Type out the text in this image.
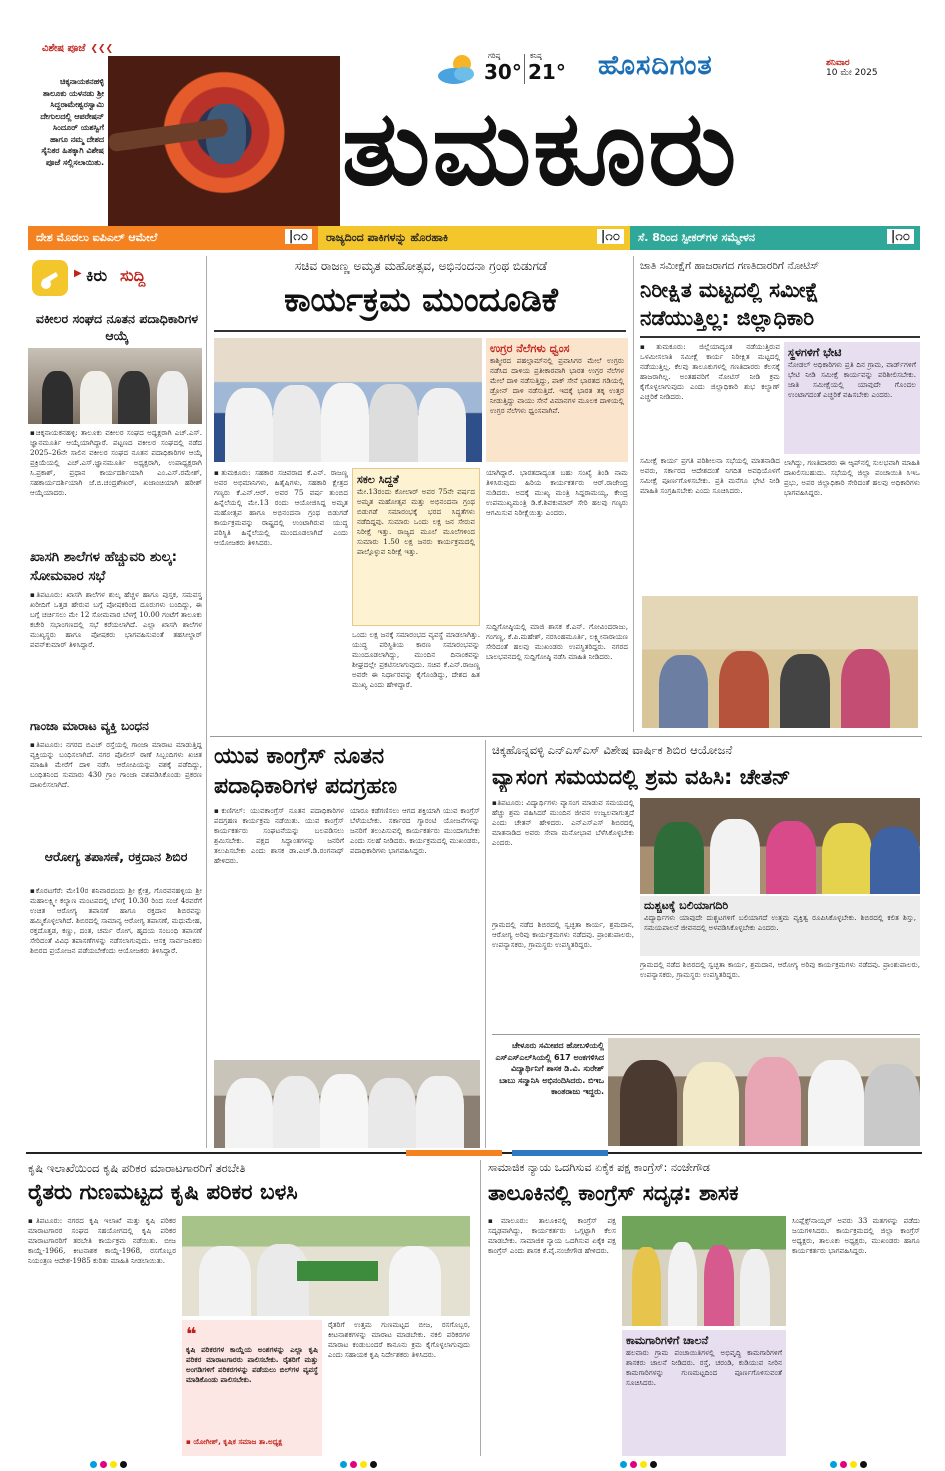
ವಿಶೇಷ ಪೂಜೆ ❮❮❮
ಚಿಕ್ಕನಾಯಕನಹಳ್ಳಿ ತಾಲೂಕು ಯಳನಡು ಶ್ರೀ ಸಿದ್ದರಾಮೇಶ್ವರಸ್ವಾಮಿ ದೇಗುಲದಲ್ಲಿ ಆಪರೇಷನ್ ಸಿಂದೂರ್ ಯಶಸ್ವಿಗೆ ಹಾಗೂ ನಮ್ಮ ದೇಶದ ಸೈನಿಕರ ಹಿತಕ್ಕಾಗಿ ವಿಶೇಷ ಪೂಜೆ ಸಲ್ಲಿಸಲಾಯಿತು.
ಗರಿಷ್ಠ
30°
ಕನಿಷ್ಠ
21° ಹೊಸದಿಗಂತ	ಶನಿವಾರ
10 ಮೇ 2025
ತುಮಕೂರು
ದೇಶ ಮೊದಲು ಐಪಿಎಲ್ ಆಮೇಲೆ	|೧೦	ರಾಜ್ಯದಿಂದ ಪಾಕಿಗಳನ್ನು ಹೊರಹಾಕಿ	|೧೦	ಸೆ. 8ರಿಂದ ಸ್ಪೀಕರ್‌ಗಳ ಸಮ್ಮೇಳನ	|೧೦
▶ ಕಿರು ಸುದ್ದಿ
ವಕೀಲರ ಸಂಘದ ನೂತನ ಪದಾಧಿಕಾರಿಗಳ ಆಯ್ಕೆ
▪ಚಿಕ್ಕನಾಯಕನಹಳ್ಳಿ: ತಾಲೂಕು ವಕೀಲರ ಸಂಘದ ಅಧ್ಯಕ್ಷರಾಗಿ ಎಚ್.ಎಸ್. ಜ್ಞಾನಮೂರ್ತಿ ಆಯ್ಕೆಯಾಗಿದ್ದಾರೆ. ಪಟ್ಟಣದ ವಕೀಲರ ಸಂಘದಲ್ಲಿ ನಡೆದ 2025–26ನೇ ಸಾಲಿನ ವಕೀಲರ ಸಂಘದ ನೂತನ ಪದಾಧಿಕಾರಿಗಳ ಆಯ್ಕೆ ಪ್ರಕ್ರಿಯೆಯಲ್ಲಿ ಎಚ್.ಎಸ್.ಜ್ಞಾನಮೂರ್ತಿ ಅಧ್ಯಕ್ಷರಾಗಿ, ಉಪಾಧ್ಯಕ್ಷರಾಗಿ ಸಿ.ಪ್ರಕಾಶ್, ಪ್ರಧಾನ ಕಾರ್ಯದರ್ಶಿಯಾಗಿ ಎಂ.ಎಸ್.ರಮೇಶ್, ಸಹಕಾರ್ಯದರ್ಶಿಯಾಗಿ ಜೆ.ಬಿ.ಚಂದ್ರಶೇಖರ್, ಖಜಾಂಚಿಯಾಗಿ ಹರೀಶ್ ಆಯ್ಕೆಯಾದರು.
ಖಾಸಗಿ ಶಾಲೆಗಳ ಹೆಚ್ಚುವರಿ ಶುಲ್ಕ: ಸೋಮವಾರ ಸಭೆ
▪ತಿಪಟೂರು: ಖಾಸಗಿ ಶಾಲೆಗಳ ಶುಲ್ಕ ಹೆಚ್ಚಳ ಹಾಗೂ ಪುಸ್ತಕ, ಸಮವಸ್ತ್ರ ಖರೀದಿಗೆ ಒತ್ತಡ ಹೇರುವ ಬಗ್ಗೆ ಪೋಷಕರಿಂದ ದೂರುಗಳು ಬಂದಿದ್ದು, ಈ ಬಗ್ಗೆ ಚರ್ಚಿಸಲು ಮೇ 12 ಸೋಮವಾರ ಬೆಳಗ್ಗೆ 10.00 ಗಂಟೆಗೆ ತಾಲೂಕು ಕಚೇರಿ ಸಭಾಂಗಣದಲ್ಲಿ ಸಭೆ ಕರೆಯಲಾಗಿದೆ. ಎಲ್ಲಾ ಖಾಸಗಿ ಶಾಲೆಗಳ ಮುಖ್ಯಸ್ಥರು ಹಾಗೂ ಪೋಷಕರು ಭಾಗವಹಿಸುವಂತೆ ತಹಸೀಲ್ದಾರ್ ಪವನ್‌ಕುಮಾರ್ ತಿಳಿಸಿದ್ದಾರೆ.
ಗಾಂಜಾ ಮಾರಾಟ ವ್ಯಕ್ತಿ ಬಂಧನ
▪ತಿಪಟೂರು: ನಗರದ ಬಿಎಚ್ ರಸ್ತೆಯಲ್ಲಿ ಗಾಂಜಾ ಮಾರಾಟ ಮಾಡುತ್ತಿದ್ದ ವ್ಯಕ್ತಿಯನ್ನು ಬಂಧಿಸಲಾಗಿದೆ. ನಗರ ಪೊಲೀಸ್ ಠಾಣೆ ಸಿಬ್ಬಂದಿಗಳು ಖಚಿತ ಮಾಹಿತಿ ಮೇರೆಗೆ ದಾಳಿ ನಡೆಸಿ ಆರೋಪಿಯನ್ನು ವಶಕ್ಕೆ ಪಡೆದಿದ್ದು, ಬಂಧಿತನಿಂದ ಸುಮಾರು 430 ಗ್ರಾಂ ಗಾಂಜಾ ವಶಪಡಿಸಿಕೊಂಡು ಪ್ರಕರಣ ದಾಖಲಿಸಲಾಗಿದೆ.
ಆರೋಗ್ಯ ತಪಾಸಣೆ, ರಕ್ತದಾನ ಶಿಬಿರ
▪ಕೊರಟಗೆರೆ: ಮೇ10ರ ಶನಿವಾರದಂದು ಶ್ರೀ ಕ್ಷೇತ್ರ, ಗೊರವನಹಳ್ಳಿಯ ಶ್ರೀ ಮಹಾಲಕ್ಷ್ಮೀ ಕಲ್ಯಾಣ ಮಂಟಪದಲ್ಲಿ ಬೆಳಗ್ಗೆ 10.30 ರಿಂದ ಸಂಜೆ 4ರವರೆಗೆ ಉಚಿತ ಆರೋಗ್ಯ ತಪಾಸಣೆ ಹಾಗೂ ರಕ್ತದಾನ ಶಿಬಿರವನ್ನು ಹಮ್ಮಿಕೊಳ್ಳಲಾಗಿದೆ. ಶಿಬಿರದಲ್ಲಿ ಸಾಮಾನ್ಯ ಆರೋಗ್ಯ ತಪಾಸಣೆ, ಮಧುಮೇಹ, ರಕ್ತದೊತ್ತಡ, ಕಣ್ಣು, ದಂತ, ಚರ್ಮ ರೋಗ, ಹೃದಯ ಸಂಬಂಧಿ ತಪಾಸಣೆ ಸೇರಿದಂತೆ ವಿವಿಧ ತಪಾಸಣೆಗಳನ್ನು ನಡೆಸಲಾಗುವುದು. ಆಸಕ್ತ ಸಾರ್ವಜನಿಕರು ಶಿಬಿರದ ಪ್ರಯೋಜನ ಪಡೆಯಬೇಕೆಂದು ಆಯೋಜಕರು ತಿಳಿಸಿದ್ದಾರೆ.
ಸಚಿವ ರಾಜಣ್ಣ ಅಮೃತ ಮಹೋತ್ಸವ, ಅಭಿನಂದನಾ ಗ್ರಂಥ ಬಿಡುಗಡೆ
ಕಾರ್ಯಕ್ರಮ ಮುಂದೂಡಿಕೆ
ಉಗ್ರರ ನೆಲೆಗಳು ಧ್ವಂಸ
ಕಾಶ್ಮೀರದ ಪಹಲ್ಗಾಮ್‌ನಲ್ಲಿ ಪ್ರವಾಸಿಗರ ಮೇಲೆ ಉಗ್ರರು ನಡೆಸಿದ ದಾಳಿಯ ಪ್ರತೀಕಾರವಾಗಿ ಭಾರತ ಉಗ್ರರ ನೆಲೆಗಳ ಮೇಲೆ ದಾಳಿ ನಡೆಸುತ್ತಿದ್ದು, ಪಾಕ್ ಸೇನೆ ಭಾರತದ ಗಡಿಯಲ್ಲಿ ಡ್ರೋನ್ ದಾಳಿ ನಡೆಸುತ್ತಿದೆ. ಇದಕ್ಕೆ ಭಾರತ ತಕ್ಕ ಉತ್ತರ ನೀಡುತ್ತಿದ್ದು ವಾಯು ಸೇನೆ ವಿಮಾನಗಳ ಮೂಲಕ ದಾಳಿಯಲ್ಲಿ ಉಗ್ರರ ನೆಲೆಗಳು ಧ್ವಂಸವಾಗಿವೆ.
▪ತುಮಕೂರು: ಸಹಕಾರ ಸಚಿವರಾದ ಕೆ.ಎನ್. ರಾಜಣ್ಣ ಅವರ ಅಭಿಮಾನಿಗಳು, ಹಿತೈಷಿಗಳು, ಸಹಕಾರಿ ಕ್ಷೇತ್ರದ ಗಣ್ಯರು ಕೆ.ಎನ್.ಆರ್. ಅವರ 75 ವರ್ಷ ತುಂಬಿದ ಹಿನ್ನೆಲೆಯಲ್ಲಿ ಮೇ.13 ರಂದು ಆಯೋಜಿಸಿದ್ದ ಅಮೃತ ಮಹೋತ್ಸವ ಹಾಗೂ ಅಭಿನಂದನಾ ಗ್ರಂಥ ಬಿಡುಗಡೆ ಕಾರ್ಯಕ್ರಮವನ್ನು ರಾಷ್ಟ್ರದಲ್ಲಿ ಉಂಟಾಗಿರುವ ಯುದ್ಧ ಪರಿಸ್ಥಿತಿ ಹಿನ್ನೆಲೆಯಲ್ಲಿ ಮುಂದೂಡಲಾಗಿದೆ ಎಂದು ಆಯೋಜಕರು ತಿಳಿಸಿದರು.
ಸಕಲ ಸಿದ್ಧತೆ
ಮೇ.13ರಂದು ಕೋಲಾರ್ ಅವರ 75ನೇ ವರ್ಷದ ಅಮೃತ ಮಹೋತ್ಸವ ಮತ್ತು ಅಭಿನಂದನಾ ಗ್ರಂಥ ಬಿಡುಗಡೆ ಸಮಾರಂಭಕ್ಕೆ ಭರದ ಸಿದ್ಧತೆಗಳು ನಡೆದಿದ್ದವು. ಸುಮಾರು ಒಂದು ಲಕ್ಷ ಜನ ಸೇರುವ ನಿರೀಕ್ಷೆ ಇತ್ತು. ರಾಜ್ಯದ ಮೂಲೆ ಮೂಲೆಗಳಿಂದ ಸುಮಾರು 1.50 ಲಕ್ಷ ಜನರು ಕಾರ್ಯಕ್ರಮದಲ್ಲಿ ಪಾಲ್ಗೊಳ್ಳುವ ನಿರೀಕ್ಷೆ ಇತ್ತು.
ಒಂದು ಲಕ್ಷ ಜನಕ್ಕೆ ಸಮಾರಂಭದ ವ್ಯವಸ್ಥೆ ಮಾಡಲಾಗಿತ್ತು. ಯುದ್ಧ ಪರಿಸ್ಥಿತಿಯ ಕಾರಣ ಸಮಾರಂಭವನ್ನು ಮುಂದೂಡಲಾಗಿದ್ದು, ಮುಂದಿನ ದಿನಾಂಕವನ್ನು ಶೀಘ್ರದಲ್ಲೇ ಪ್ರಕಟಿಸಲಾಗುವುದು. ಸಚಿವ ಕೆ.ಎನ್.ರಾಜಣ್ಣ ಅವರೇ ಈ ನಿರ್ಧಾರವನ್ನು ಕೈಗೊಂಡಿದ್ದು, ದೇಶದ ಹಿತ ಮುಖ್ಯ ಎಂದು ಹೇಳಿದ್ದಾರೆ.
ಯಾಗಿದ್ದಾರೆ. ಭಾರತದಾದ್ಯಂತ ಬಹು ಸಂಖ್ಯೆ ತಿಂಡಿ ನಾಮ ತಿಳಿಸಿರುವುದು ಹಿರಿಯ ಕಾರ್ಯಕರ್ತರು ಆರ್.ರಾಜೇಂದ್ರ ನುಡಿದರು. ಅದಕ್ಕೆ ಮುಖ್ಯ ಮಂತ್ರಿ ಸಿದ್ದರಾಮಯ್ಯ, ಕೇಂದ್ರ ಉಪಮುಖ್ಯಮಂತ್ರಿ ಡಿ.ಕೆ.ಶಿವಕುಮಾರ್ ಸೇರಿ ಹಲವು ಗಣ್ಯರು ಆಗಮಿಸುವ ನಿರೀಕ್ಷೆಯಿತ್ತು ಎಂದರು.
ಸುದ್ದಿಗೋಷ್ಠಿಯಲ್ಲಿ ಮಾಜಿ ಶಾಸಕ ಕೆ.ಎನ್. ಗೋವಿಂದರಾಜು, ಗಂಗಣ್ಣ, ಕೆ.ಪಿ.ಮಹೇಶ್, ನರಸಿಂಹಮೂರ್ತಿ, ಲಕ್ಷ್ಮೀನಾರಾಯಣ ಸೇರಿದಂತೆ ಹಲವು ಮುಖಂಡರು ಉಪಸ್ಥಿತರಿದ್ದರು. ನಗರದ ಬಾಲಭವನದಲ್ಲಿ ಸುದ್ದಿಗೋಷ್ಠಿ ನಡೆಸಿ ಮಾಹಿತಿ ನೀಡಿದರು.
ಜಾತಿ ಸಮೀಕ್ಷೆಗೆ ಹಾಜರಾಗದ ಗಣತಿದಾರರಿಗೆ ನೋಟಿಸ್
ನಿರೀಕ್ಷಿತ ಮಟ್ಟದಲ್ಲಿ ಸಮೀಕ್ಷೆ
ನಡೆಯುತ್ತಿಲ್ಲ: ಜಿಲ್ಲಾಧಿಕಾರಿ
▪ತುಮಕೂರು: ಜಿಲ್ಲೆಯಾದ್ಯಂತ ನಡೆಯುತ್ತಿರುವ ಒಳಮೀಸಲಾತಿ ಸಮೀಕ್ಷೆ ಕಾರ್ಯ ನಿರೀಕ್ಷಿತ ಮಟ್ಟದಲ್ಲಿ ನಡೆಯುತ್ತಿಲ್ಲ. ಕೆಲವು ತಾಲೂಕುಗಳಲ್ಲಿ ಗಣತಿದಾರರು ಕೆಲಸಕ್ಕೆ ಹಾಜರಾಗಿಲ್ಲ. ಅಂತಹವರಿಗೆ ನೋಟಿಸ್ ನೀಡಿ ಕ್ರಮ ಕೈಗೊಳ್ಳಲಾಗುವುದು ಎಂದು ಜಿಲ್ಲಾಧಿಕಾರಿ ಶುಭ ಕಲ್ಯಾಣ್ ಎಚ್ಚರಿಕೆ ನೀಡಿದರು.
ಸ್ಥಳಗಳಿಗೆ ಭೇಟಿ
ನೋಡಲ್ ಅಧಿಕಾರಿಗಳು ಪ್ರತಿ ದಿನ ಗ್ರಾಮ, ವಾರ್ಡ್‌ಗಳಿಗೆ ಭೇಟಿ ನೀಡಿ ಸಮೀಕ್ಷೆ ಕಾರ್ಯವನ್ನು ಪರಿಶೀಲಿಸಬೇಕು. ಜಾತಿ ಸಮೀಕ್ಷೆಯಲ್ಲಿ ಯಾವುದೇ ಗೊಂದಲ ಉಂಟಾಗದಂತೆ ಎಚ್ಚರಿಕೆ ವಹಿಸಬೇಕು ಎಂದರು.
ಸಮೀಕ್ಷೆ ಕಾರ್ಯ ಪ್ರಗತಿ ಪರಿಶೀಲನಾ ಸಭೆಯಲ್ಲಿ ಮಾತನಾಡಿದ ಅವರು, ಸರ್ಕಾರದ ಆದೇಶದಂತೆ ನಿಗದಿತ ಅವಧಿಯೊಳಗೆ ಸಮೀಕ್ಷೆ ಪೂರ್ಣಗೊಳಿಸಬೇಕು. ಪ್ರತಿ ಮನೆಗೂ ಭೇಟಿ ನೀಡಿ ಮಾಹಿತಿ ಸಂಗ್ರಹಿಸಬೇಕು ಎಂದು ಸೂಚಿಸಿದರು.
ಲಾಗಿದ್ದು, ಗಣತಿದಾರರು ಈ ಆ್ಯಪ್‌ನಲ್ಲಿ ಸುಲಭವಾಗಿ ಮಾಹಿತಿ ದಾಖಲಿಸಬಹುದು. ಸಭೆಯಲ್ಲಿ ಜಿಲ್ಲಾ ಪಂಚಾಯಿತಿ ಸಿಇಒ ಪ್ರಭು, ಅಪರ ಜಿಲ್ಲಾಧಿಕಾರಿ ಸೇರಿದಂತೆ ಹಲವು ಅಧಿಕಾರಿಗಳು ಭಾಗವಹಿಸಿದ್ದರು.
ಯುವ ಕಾಂಗ್ರೆಸ್ ನೂತನ
ಪದಾಧಿಕಾರಿಗಳ ಪದಗ್ರಹಣ
▪ಕುಣಿಗಲ್: ಯುವಕಾಂಗ್ರೆಸ್ ನೂತನ ಪದಾಧಿಕಾರಿಗಳ ಪದಗ್ರಹಣ ಕಾರ್ಯಕ್ರಮ ನಡೆಯಿತು. ಯುವ ಕಾಂಗ್ರೆಸ್ ಕಾರ್ಯಕರ್ತರು ಸಂಘಟನೆಯನ್ನು ಬಲಪಡಿಸಲು ಶ್ರಮಿಸಬೇಕು. ಪಕ್ಷದ ಸಿದ್ಧಾಂತಗಳನ್ನು ಜನರಿಗೆ ತಲುಪಿಸಬೇಕು ಎಂದು ಶಾಸಕ ಡಾ.ಎಚ್.ಡಿ.ರಂಗನಾಥ್ ಹೇಳಿದರು.
ಯಾರೂ ಕಡೆಗಣಿಸಲು ಆಗದ ಶಕ್ತಿಯಾಗಿ ಯುವ ಕಾಂಗ್ರೆಸ್ ಬೆಳೆಯಬೇಕು. ಸರ್ಕಾರದ ಗ್ಯಾರಂಟಿ ಯೋಜನೆಗಳನ್ನು ಜನರಿಗೆ ತಲುಪಿಸುವಲ್ಲಿ ಕಾರ್ಯಕರ್ತರು ಮುಂದಾಗಬೇಕು ಎಂದು ಸಲಹೆ ನೀಡಿದರು. ಕಾರ್ಯಕ್ರಮದಲ್ಲಿ ಮುಖಂಡರು, ಪದಾಧಿಕಾರಿಗಳು ಭಾಗವಹಿಸಿದ್ದರು.
ಚಿಕ್ಕಹೊನ್ನವಳ್ಳಿ ಎನ್‌ಎಸ್‌ಎಸ್ ವಿಶೇಷ ವಾರ್ಷಿಕ ಶಿಬಿರ ಆಯೋಜನೆ
ವ್ಯಾಸಂಗ ಸಮಯದಲ್ಲಿ ಶ್ರಮ ವಹಿಸಿ: ಚೇತನ್
▪ತಿಪಟೂರು: ವಿದ್ಯಾರ್ಥಿಗಳು ವ್ಯಾಸಂಗ ಮಾಡುವ ಸಮಯದಲ್ಲಿ ಹೆಚ್ಚು ಶ್ರಮ ವಹಿಸಿದರೆ ಮುಂದಿನ ಜೀವನ ಉಜ್ವಲವಾಗುತ್ತದೆ ಎಂದು ಚೇತನ್ ಹೇಳಿದರು. ಎನ್‌ಎಸ್‌ಎಸ್ ಶಿಬಿರದಲ್ಲಿ ಮಾತನಾಡಿದ ಅವರು ಸೇವಾ ಮನೋಭಾವ ಬೆಳೆಸಿಕೊಳ್ಳಬೇಕು ಎಂದರು.
ದುಶ್ಚಟಕ್ಕೆ ಬಲಿಯಾಗದಿರಿ
ವಿದ್ಯಾರ್ಥಿಗಳು ಯಾವುದೇ ದುಶ್ಚಟಗಳಿಗೆ ಬಲಿಯಾಗದೆ ಉತ್ತಮ ವ್ಯಕ್ತಿತ್ವ ರೂಪಿಸಿಕೊಳ್ಳಬೇಕು. ಶಿಬಿರದಲ್ಲಿ ಕಲಿತ ಶಿಸ್ತು, ಸಮಯಪಾಲನೆ ಜೀವನದಲ್ಲಿ ಅಳವಡಿಸಿಕೊಳ್ಳಬೇಕು ಎಂದರು.
ಗ್ರಾಮದಲ್ಲಿ ನಡೆದ ಶಿಬಿರದಲ್ಲಿ ಸ್ವಚ್ಛತಾ ಕಾರ್ಯ, ಶ್ರಮದಾನ, ಆರೋಗ್ಯ ಅರಿವು ಕಾರ್ಯಕ್ರಮಗಳು ನಡೆದವು. ಪ್ರಾಂಶುಪಾಲರು, ಉಪನ್ಯಾಸಕರು, ಗ್ರಾಮಸ್ಥರು ಉಪಸ್ಥಿತರಿದ್ದರು.
ಗ್ರಾಮದಲ್ಲಿ ನಡೆದ ಶಿಬಿರದಲ್ಲಿ ಸ್ವಚ್ಛತಾ ಕಾರ್ಯ, ಶ್ರಮದಾನ, ಆರೋಗ್ಯ ಅರಿವು ಕಾರ್ಯಕ್ರಮಗಳು ನಡೆದವು. ಪ್ರಾಂಶುಪಾಲರು, ಉಪನ್ಯಾಸಕರು, ಗ್ರಾಮಸ್ಥರು ಉಪಸ್ಥಿತರಿದ್ದರು.
ಚೇಳೂರು ಸಮೀಪದ ಹೋಬಳಿಯಲ್ಲಿ ಎಸ್‌ಎಸ್‌ಎಲ್‌ಸಿಯಲ್ಲಿ 617 ಅಂಕಗಳಿಸಿದ ವಿದ್ಯಾರ್ಥಿನಿಗೆ ಶಾಸಕ ಡಿ.ವಿ. ಸುರೇಶ್ ಬಾಬು ಸನ್ಮಾನಿಸಿ ಅಭಿನಂದಿಸಿದರು. ಬಿಇಒ ಕಾಂತರಾಜು ಇದ್ದರು.
ಕೃಷಿ ಇಲಾಖೆಯಿಂದ ಕೃಷಿ ಪರಿಕರ ಮಾರಾಟಗಾರರಿಗೆ ತರಬೇತಿ
ರೈತರು ಗುಣಮಟ್ಟದ ಕೃಷಿ ಪರಿಕರ ಬಳಸಿ
▪ತಿಪಟೂರು: ನಗರದ ಕೃಷಿ ಇಲಾಖೆ ಮತ್ತು ಕೃಷಿ ಪರಿಕರ ಮಾರಾಟಗಾರರ ಸಂಘದ ಸಹಯೋಗದಲ್ಲಿ ಕೃಷಿ ಪರಿಕರ ಮಾರಾಟಗಾರರಿಗೆ ತರಬೇತಿ ಕಾರ್ಯಕ್ರಮ ನಡೆಯಿತು. ಬೀಜ ಕಾಯ್ದೆ-1966, ಕೀಟನಾಶಕ ಕಾಯ್ದೆ-1968, ರಸಗೊಬ್ಬರ ನಿಯಂತ್ರಣ ಆದೇಶ-1985 ಕುರಿತು ಮಾಹಿತಿ ನೀಡಲಾಯಿತು.
❝
ಕೃಷಿ ಪರಿಕರಗಳ ಕಾಯ್ದೆಯ ಅಂಶಗಳನ್ನು ಎಲ್ಲಾ ಕೃಷಿ ಪರಿಕರ ಮಾರಾಟಗಾರರು ಪಾಲಿಸಬೇಕು. ರೈತರಿಗೆ ಮತ್ತು ಅಂಗಡಿಗಳಿಗೆ ಪರಿಕರಗಳನ್ನು ಪಡೆಯಲು ಬಿಲ್‌ಗಳ ವ್ಯವಸ್ಥೆ ಮಾಡಿಕೊಂಡು ಪಾಲಿಸಬೇಕು.
▪ ಯೋಗೀಶ್, ಕೃಷಿಕ ಸಮಾಜ ತಾ.ಅಧ್ಯಕ್ಷ
ರೈತರಿಗೆ ಉತ್ತಮ ಗುಣಮಟ್ಟದ ಬೀಜ, ರಸಗೊಬ್ಬರ, ಕೀಟನಾಶಕಗಳನ್ನು ಮಾರಾಟ ಮಾಡಬೇಕು. ನಕಲಿ ಪರಿಕರಗಳ ಮಾರಾಟ ಕಂಡುಬಂದರೆ ಕಾನೂನು ಕ್ರಮ ಕೈಗೊಳ್ಳಲಾಗುವುದು ಎಂದು ಸಹಾಯಕ ಕೃಷಿ ನಿರ್ದೇಶಕರು ತಿಳಿಸಿದರು.
ಸಾಮಾಜಿಕ ನ್ಯಾಯ ಒದಗಿಸುವ ಏಕೈಕ ಪಕ್ಷ ಕಾಂಗ್ರೆಸ್: ನಂಜೇಗೌಡ
ತಾಲೂಕಿನಲ್ಲಿ ಕಾಂಗ್ರೆಸ್ ಸದೃಢ: ಶಾಸಕ
▪ಮಾಲೂರು: ತಾಲೂಕಿನಲ್ಲಿ ಕಾಂಗ್ರೆಸ್ ಪಕ್ಷ ಸದೃಢವಾಗಿದ್ದು, ಕಾರ್ಯಕರ್ತರು ಒಗ್ಗಟ್ಟಾಗಿ ಕೆಲಸ ಮಾಡಬೇಕು. ಸಾಮಾಜಿಕ ನ್ಯಾಯ ಒದಗಿಸುವ ಏಕೈಕ ಪಕ್ಷ ಕಾಂಗ್ರೆಸ್ ಎಂದು ಶಾಸಕ ಕೆ.ವೈ.ನಂಜೇಗೌಡ ಹೇಳಿದರು.
ಕಾಮಗಾರಿಗಳಿಗೆ ಚಾಲನೆ
ಹಲವಾರು ಗ್ರಾಮ ಪಂಚಾಯಿತಿಗಳಲ್ಲಿ ಅಭಿವೃದ್ಧಿ ಕಾಮಗಾರಿಗಳಿಗೆ ಶಾಸಕರು ಚಾಲನೆ ನೀಡಿದರು. ರಸ್ತೆ, ಚರಂಡಿ, ಕುಡಿಯುವ ನೀರಿನ ಕಾಮಗಾರಿಗಳನ್ನು ಗುಣಮಟ್ಟದಿಂದ ಪೂರ್ಣಗೊಳಿಸುವಂತೆ ಸೂಚಿಸಿದರು.
ಸಿಂಪ್ಲೆಕ್ಸ್‌ನಾಯ್ಕರ್ ಅವರು 33 ಮತಗಳನ್ನು ಪಡೆದು ಜಯಗಳಿಸಿದರು. ಕಾರ್ಯಕ್ರಮದಲ್ಲಿ ಜಿಲ್ಲಾ ಕಾಂಗ್ರೆಸ್ ಅಧ್ಯಕ್ಷರು, ತಾಲೂಕು ಅಧ್ಯಕ್ಷರು, ಮುಖಂಡರು ಹಾಗೂ ಕಾರ್ಯಕರ್ತರು ಭಾಗವಹಿಸಿದ್ದರು.
